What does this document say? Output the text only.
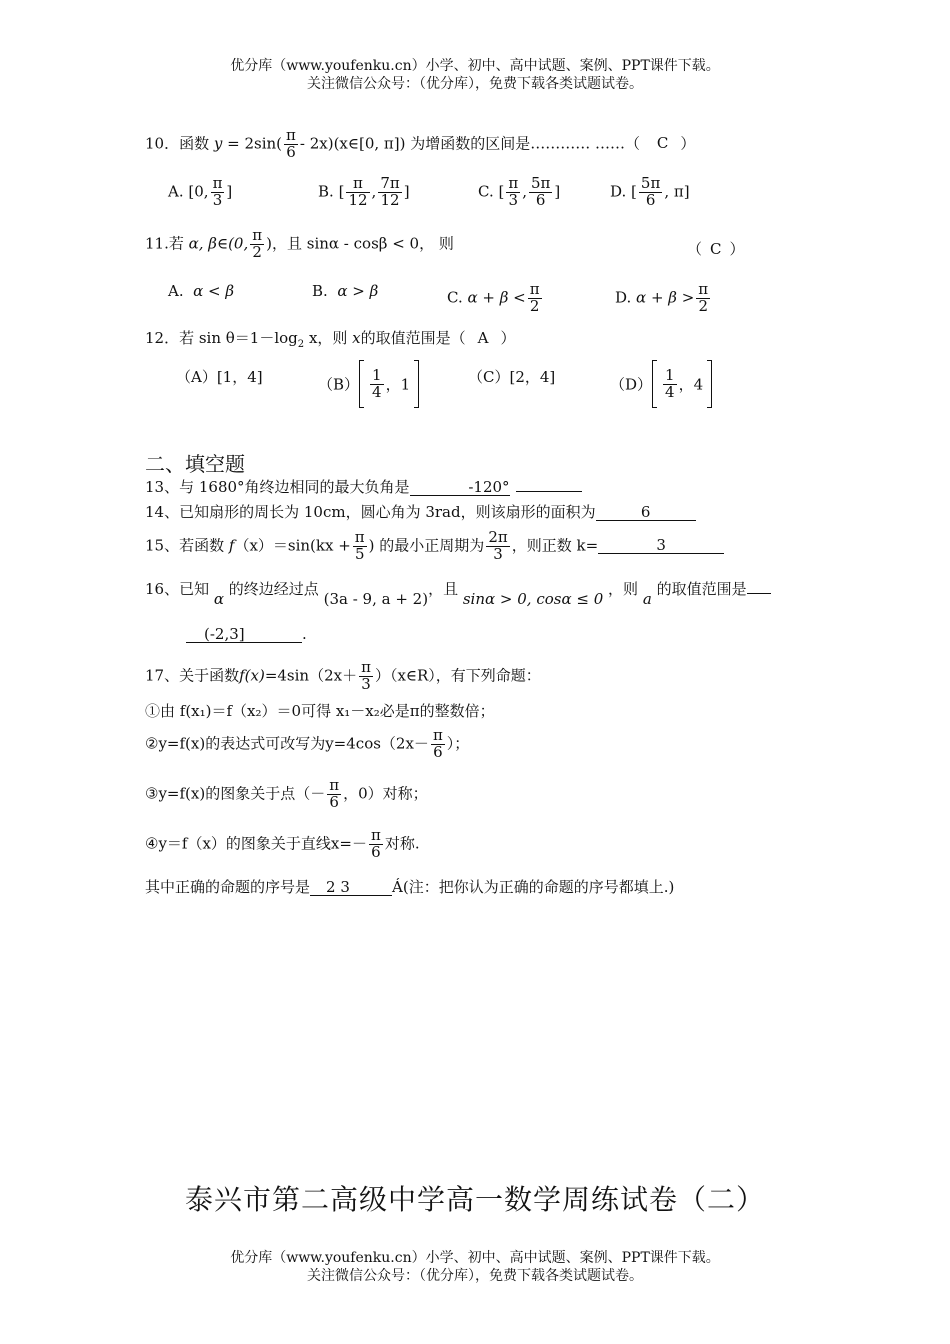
优分库（www.youfenku.cn）小学、初中、高中试题、案例、PPT课件下载。
关注微信公众号：（优分库），免费下载各类试题试卷。
10．函数 $y = 2\sin( \frac{\pi}{6}$ - 2x)(x∈[0, π]) 为增函数的区间是………… ……（ C ）
A. [0, $\frac{\pi}{3}$ ]	B. [ $\frac{\pi}{12}$ , $\frac{7\pi}{12}$ ]	C. [ $\frac{\pi}{3}$ , $\frac{5\pi}{6}$ ]	D. [ $\frac{5\pi}{6}$ , π]
11.若 α, β∈(0, $\frac{\pi}{2}$ )，且 sinα - cosβ < 0， 则	（ C ）
A. α < β	B. α > β	C. $\alpha + \beta < \frac{\pi}{2}$	D. $\alpha + \beta > \frac{\pi}{2}$
12．若 $\sin \theta=1-\log_2$ x，则 x的取值范围是（ A ）
（A）[1，4]	$(B) \frac{1}{4}$ ，1	（C）[2，4]	$(D) \frac{1}{4}$ ，4
二、填空题
13、与 1680°角终边相同的最大负角是	-120°
14、已知扇形的周长为 10cm，圆心角为 3rad，则该扇形的面积为	6
15、若函数 $f(x)=\sin(kx + \frac{\pi}{5}$ ) 的最小正周期为 $\frac{2\pi}{3}$ ，则正数 k=	3
16、已知 α 的终边经过点 (3a - 9, a + 2)，且 sinα > 0, cosα ≤ 0 ，则 a 的取值范围是
(-2,3]	.
17、关于函数$f(x)=4\sin(2x+ \frac{\pi}{3}$ ）（x∈R），有下列命题：
①由 f(x₁)＝f（x₂）＝0可得 x₁－x₂必是π的整数倍；
②y=f(x)的表达式可改写为$y=4\cos(2x- \frac{\pi}{6}$ ）；
③y=f(x)的图象关于点（－ $\frac{\pi}{6}$ ，0）对称；
④y＝f（x）的图象关于直线$x=- \frac{\pi}{6}$ 对称.
其中正确的命题的序号是 2 3	Á(注：把你认为正确的命题的序号都填上.)
泰兴市第二高级中学高一数学周练试卷（二）
优分库（www.youfenku.cn）小学、初中、高中试题、案例、PPT课件下载。
关注微信公众号：（优分库），免费下载各类试题试卷。
